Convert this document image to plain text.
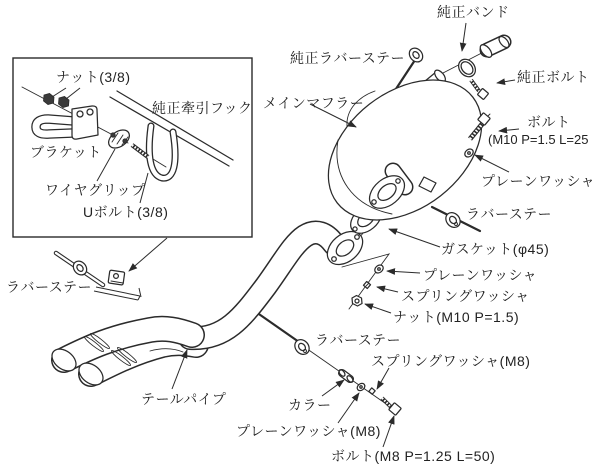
純正バンド
純正ラバーステー
純正ボルト
メインマフラー
ボルト
(M10 P=1.5 L=25
プレーンワッシャ
ラバーステー
ガスケット(φ45)
プレーンワッシャ
スプリングワッシャ
ナット(M10 P=1.5)
ラバーステー
スプリングワッシャ(M8)
カラー
プレーンワッシャ(M8)
ボルト(M8 P=1.25 L=50)
テールパイプ
ラバーステー
ナット(3/8)
純正牽引フック
ブラケット
ワイヤグリップ
Uボルト(3/8)
